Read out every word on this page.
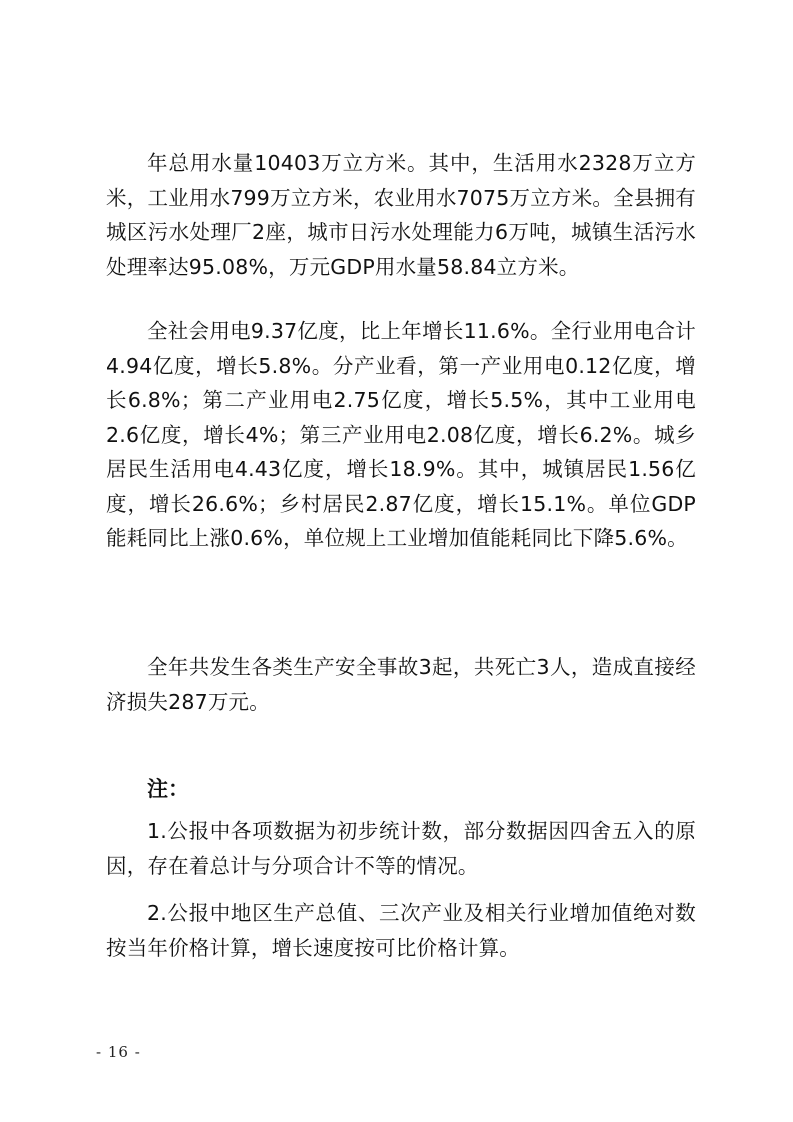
年总用水量10403万立方米。其中，生活用水2328万立方米，工业用水799万立方米，农业用水7075万立方米。全县拥有城区污水处理厂2座，城市日污水处理能力6万吨，城镇生活污水处理率达95.08%，万元GDP用水量58.84立方米。

全社会用电9.37亿度，比上年增长11.6%。全行业用电合计4.94亿度，增长5.8%。分产业看，第一产业用电0.12亿度，增长6.8%；第二产业用电2.75亿度，增长5.5%，其中工业用电2.6亿度，增长4%；第三产业用电2.08亿度，增长6.2%。城乡居民生活用电4.43亿度，增长18.9%。其中，城镇居民1.56亿度，增长26.6%；乡村居民2.87亿度，增长15.1%。单位GDP能耗同比上涨0.6%，单位规上工业增加值能耗同比下降5.6%。

全年共发生各类生产安全事故3起，共死亡3人，造成直接经济损失287万元。

注：

1.公报中各项数据为初步统计数，部分数据因四舍五入的原因，存在着总计与分项合计不等的情况。

2.公报中地区生产总值、三次产业及相关行业增加值绝对数按当年价格计算，增长速度按可比价格计算。

- 16 -
